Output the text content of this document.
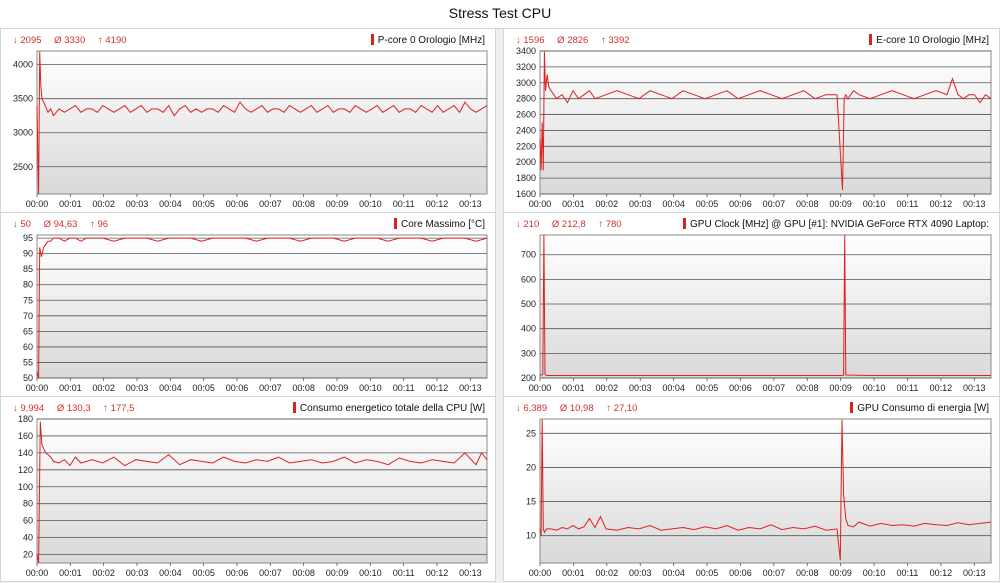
Stress Test CPU
↓ 2095 Ø 3330 ↑ 4190	P-core 0 Orologio [MHz]
2500
3000
3500
4000
00:00 00:01 00:02 00:03 00:04 00:05 00:06 00:07 00:08 00:09 00:10 00:11 00:12 00:13
↓ 1596 Ø 2826 ↑ 3392	E-core 10 Orologio [MHz]
1600
1800
2000
2200
2400
2600
2800
3000
3200
3400
00:00 00:01 00:02 00:03 00:04 00:05 00:06 00:07 00:08 00:09 00:10 00:11 00:12 00:13
↓ 50 Ø 94,63 ↑ 96	Core Massimo [°C]
50
55
60
65
70
75
80
85
90
95
00:00 00:01 00:02 00:03 00:04 00:05 00:06 00:07 00:08 00:09 00:10 00:11 00:12 00:13
↓ 210 Ø 212,8 ↑ 780	GPU Clock [MHz] @ GPU [#1]: NVIDIA GeForce RTX 4090 Laptop:
200
300
400
500
600
700
00:00 00:01 00:02 00:03 00:04 00:05 00:06 00:07 00:08 00:09 00:10 00:11 00:12 00:13
↓ 9,994 Ø 130,3 ↑ 177,5	Consumo energetico totale della CPU [W]
20
40
60
80
100
120
140
160
180
00:00 00:01 00:02 00:03 00:04 00:05 00:06 00:07 00:08 00:09 00:10 00:11 00:12 00:13
↓ 6,389 Ø 10,98 ↑ 27,10	GPU Consumo di energia [W]
10
15
20
25
00:00 00:01 00:02 00:03 00:04 00:05 00:06 00:07 00:08 00:09 00:10 00:11 00:12 00:13
